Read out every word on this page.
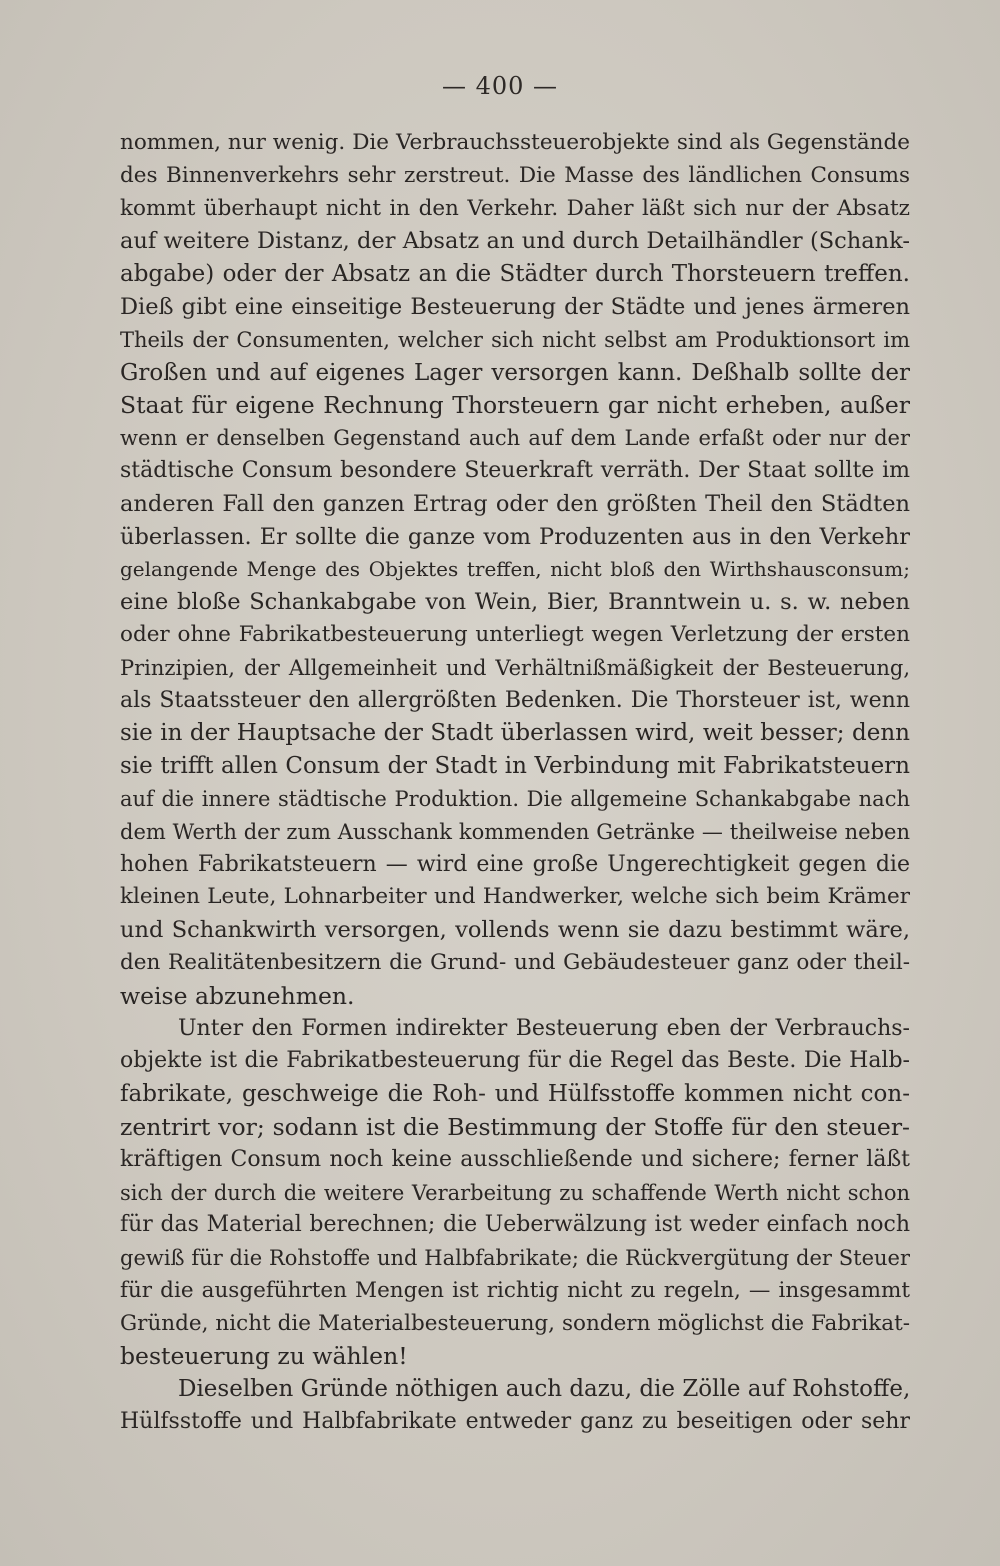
— 400 —
nommen, nur wenig. Die Verbrauchssteuerobjekte sind als Gegenstände
des Binnenverkehrs sehr zerstreut. Die Masse des ländlichen Consums
kommt überhaupt nicht in den Verkehr. Daher läßt sich nur der Absatz
auf weitere Distanz, der Absatz an und durch Detailhändler (Schank-
abgabe) oder der Absatz an die Städter durch Thorsteuern treffen.
Dieß gibt eine einseitige Besteuerung der Städte und jenes ärmeren
Theils der Consumenten, welcher sich nicht selbst am Produktionsort im
Großen und auf eigenes Lager versorgen kann. Deßhalb sollte der
Staat für eigene Rechnung Thorsteuern gar nicht erheben, außer
wenn er denselben Gegenstand auch auf dem Lande erfaßt oder nur der
städtische Consum besondere Steuerkraft verräth. Der Staat sollte im
anderen Fall den ganzen Ertrag oder den größten Theil den Städten
überlassen. Er sollte die ganze vom Produzenten aus in den Verkehr
gelangende Menge des Objektes treffen, nicht bloß den Wirthshausconsum;
eine bloße Schankabgabe von Wein, Bier, Branntwein u. s. w. neben
oder ohne Fabrikatbesteuerung unterliegt wegen Verletzung der ersten
Prinzipien, der Allgemeinheit und Verhältnißmäßigkeit der Besteuerung,
als Staatssteuer den allergrößten Bedenken. Die Thorsteuer ist, wenn
sie in der Hauptsache der Stadt überlassen wird, weit besser; denn
sie trifft allen Consum der Stadt in Verbindung mit Fabrikatsteuern
auf die innere städtische Produktion. Die allgemeine Schankabgabe nach
dem Werth der zum Ausschank kommenden Getränke — theilweise neben
hohen Fabrikatsteuern — wird eine große Ungerechtigkeit gegen die
kleinen Leute, Lohnarbeiter und Handwerker, welche sich beim Krämer
und Schankwirth versorgen, vollends wenn sie dazu bestimmt wäre,
den Realitätenbesitzern die Grund- und Gebäudesteuer ganz oder theil-
weise abzunehmen.
Unter den Formen indirekter Besteuerung eben der Verbrauchs-
objekte ist die Fabrikatbesteuerung für die Regel das Beste. Die Halb-
fabrikate, geschweige die Roh- und Hülfsstoffe kommen nicht con-
zentrirt vor; sodann ist die Bestimmung der Stoffe für den steuer-
kräftigen Consum noch keine ausschließende und sichere; ferner läßt
sich der durch die weitere Verarbeitung zu schaffende Werth nicht schon
für das Material berechnen; die Ueberwälzung ist weder einfach noch
gewiß für die Rohstoffe und Halbfabrikate; die Rückvergütung der Steuer
für die ausgeführten Mengen ist richtig nicht zu regeln, — insgesammt
Gründe, nicht die Materialbesteuerung, sondern möglichst die Fabrikat-
besteuerung zu wählen!
Dieselben Gründe nöthigen auch dazu, die Zölle auf Rohstoffe,
Hülfsstoffe und Halbfabrikate entweder ganz zu beseitigen oder sehr
